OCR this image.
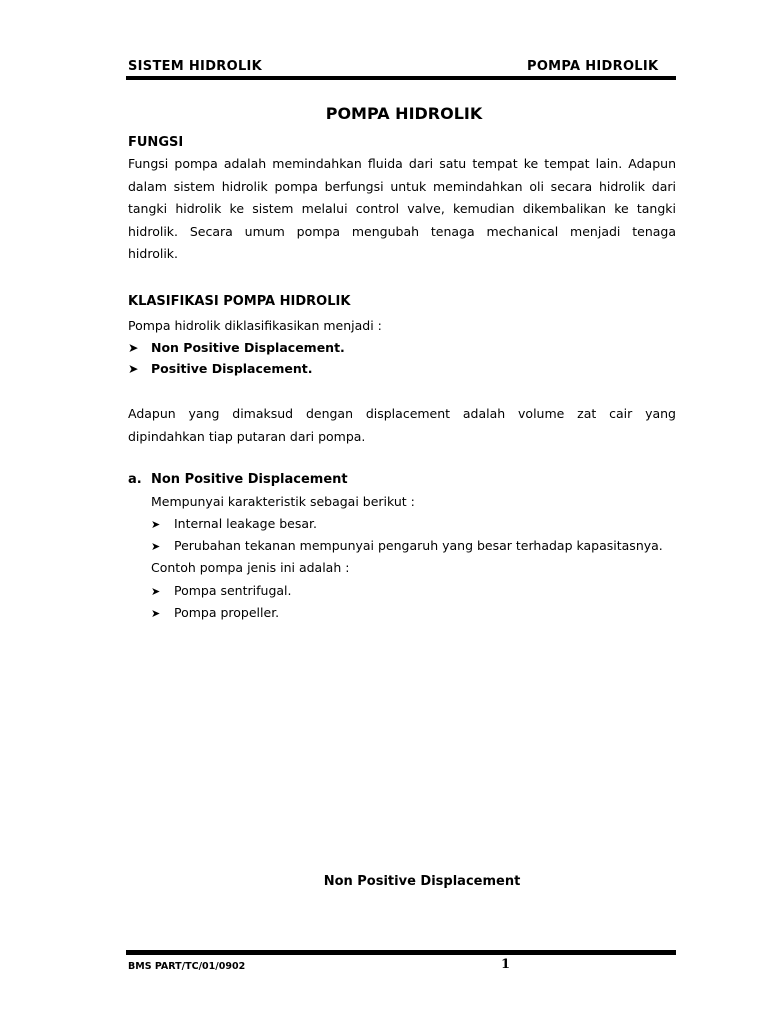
SISTEM HIDROLIK	POMPA HIDROLIK
POMPA HIDROLIK
FUNGSI
Fungsi pompa adalah memindahkan fluida dari satu tempat ke tempat lain. Adapun
dalam sistem hidrolik pompa berfungsi untuk memindahkan oli secara hidrolik dari
tangki hidrolik ke sistem melalui control valve, kemudian dikembalikan ke tangki
hidrolik. Secara umum pompa mengubah tenaga mechanical menjadi tenaga
hidrolik.
KLASIFIKASI POMPA HIDROLIK
Pompa hidrolik diklasifikasikan menjadi :
➤ Non Positive Displacement.
➤ Positive Displacement.
Adapun yang dimaksud dengan displacement adalah volume zat cair yang
dipindahkan tiap putaran dari pompa.
a. Non Positive Displacement
Mempunyai karakteristik sebagai berikut :
➤ Internal leakage besar.
➤ Perubahan tekanan mempunyai pengaruh yang besar terhadap kapasitasnya.
Contoh pompa jenis ini adalah :
➤ Pompa sentrifugal.
➤ Pompa propeller.
Non Positive Displacement
BMS PART/TC/01/0902	1
